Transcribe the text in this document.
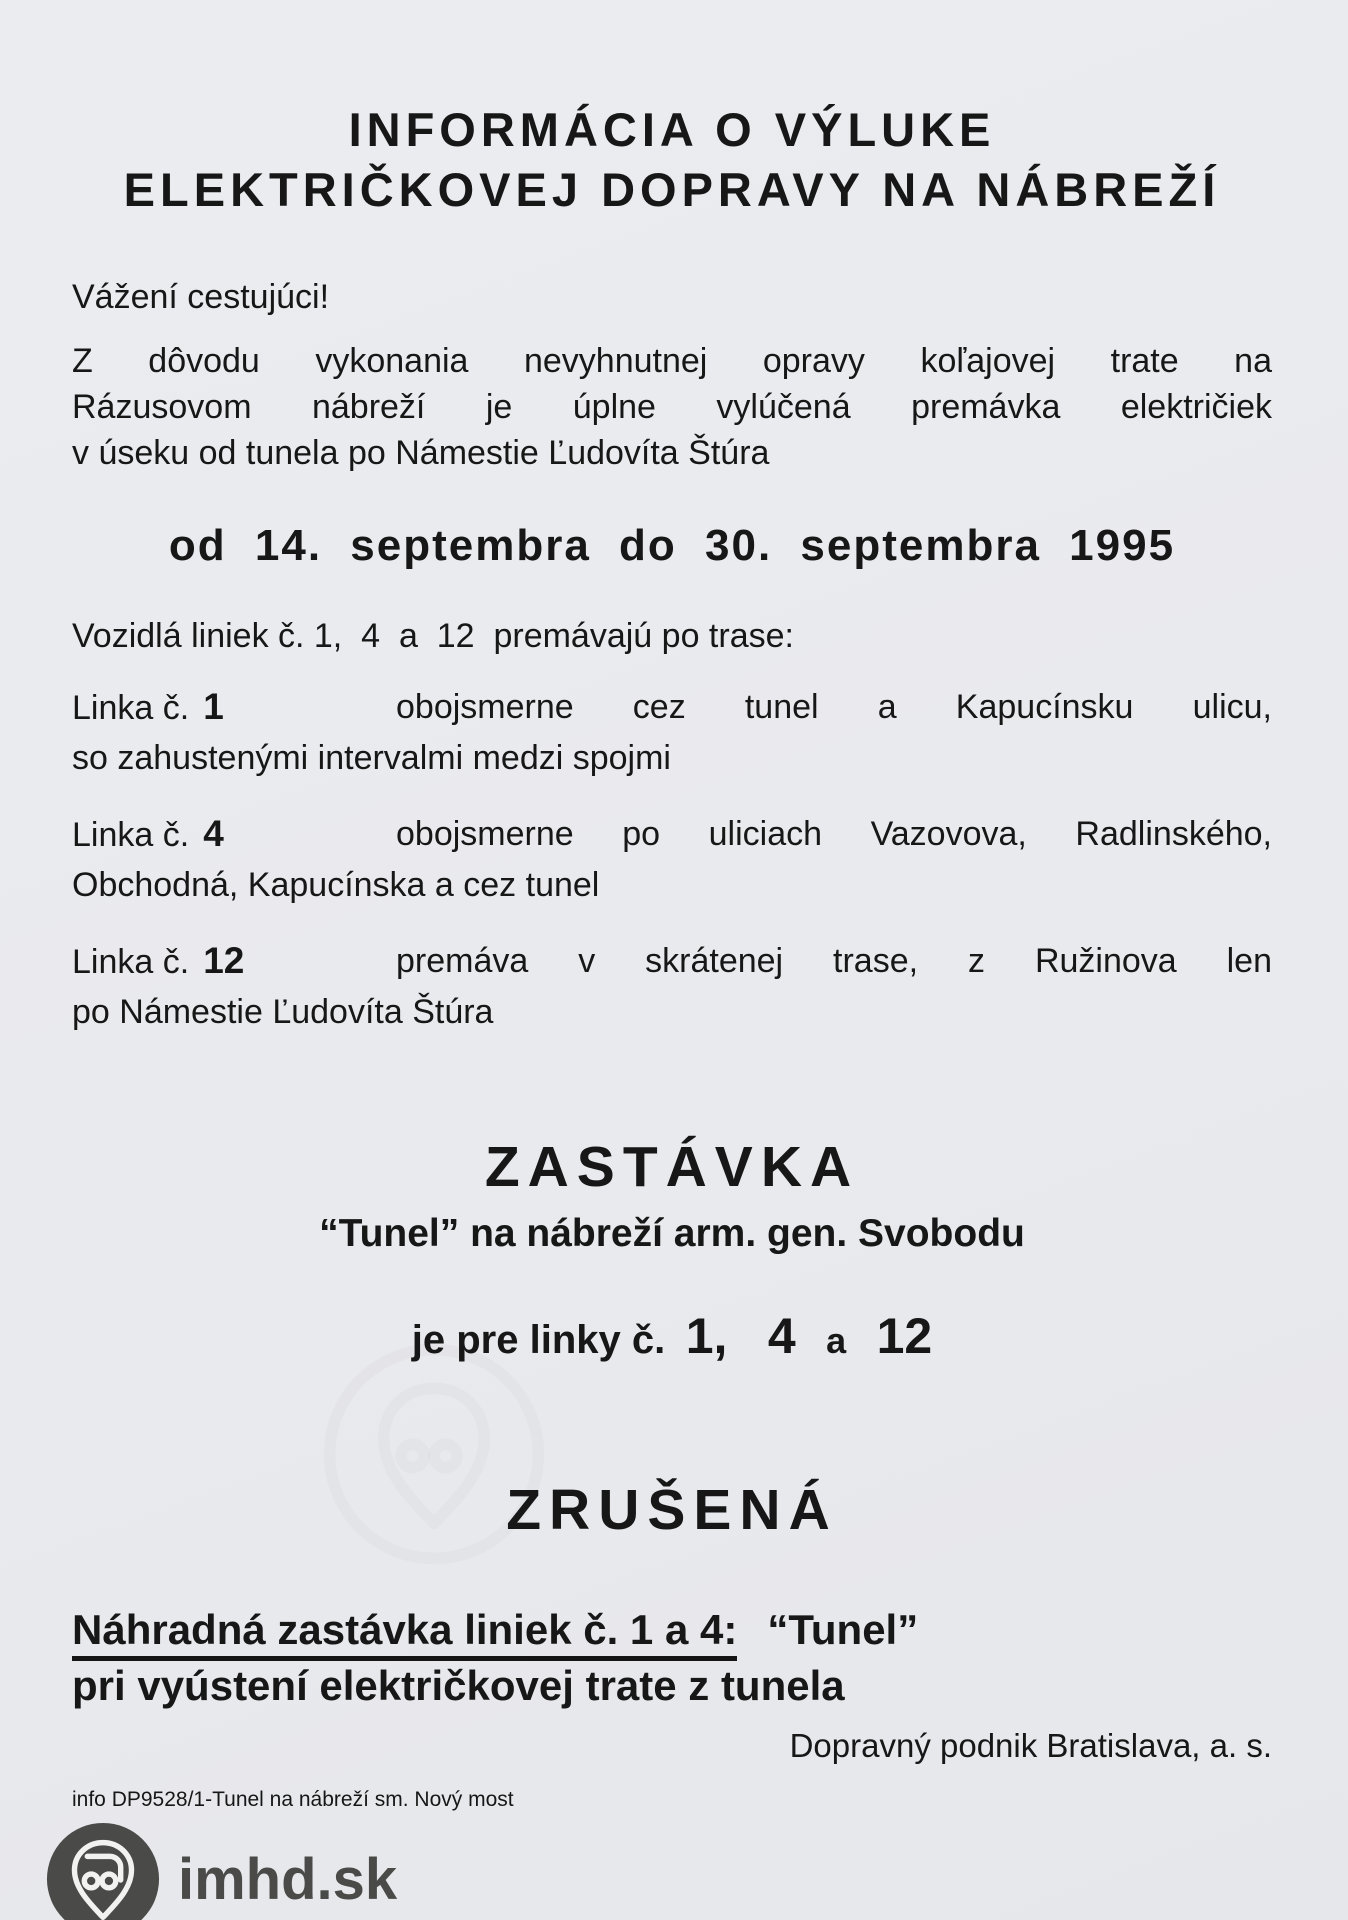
INFORMÁCIA O VÝLUKE
ELEKTRIČKOVEJ DOPRAVY NA NÁBREŽÍ

Vážení cestujúci!

Z dôvodu vykonania nevyhnutnej opravy koľajovej trate na
Rázusovom nábreží je úplne vylúčená premávka električiek
v úseku od tunela po Námestie Ľudovíta Štúra
od 14. septembra do 30. septembra 1995
Vozidlá liniek č. 1,  4  a  12  premávajú po trase:
Linka č. 1	obojsmerne cez tunel a Kapucínsku ulicu,
so zahustenými intervalmi medzi spojmi
Linka č. 4	obojsmerne po uliciach Vazovova, Radlinského,
Obchodná, Kapucínska a cez tunel
Linka č. 12	premáva v skrátenej trase, z Ružinova len
po Námestie Ľudovíta Štúra
ZASTÁVKA
“Tunel” na nábreží arm. gen. Svobodu
je pre linky č. 1, 4 a 12
ZRUŠENÁ
Náhradná zastávka liniek č. 1 a 4: “Tunel”
pri vyústení električkovej trate z tunela
Dopravný podnik Bratislava, a. s.
info DP9528/1-Tunel na nábreží sm. Nový most
imhd.sk
